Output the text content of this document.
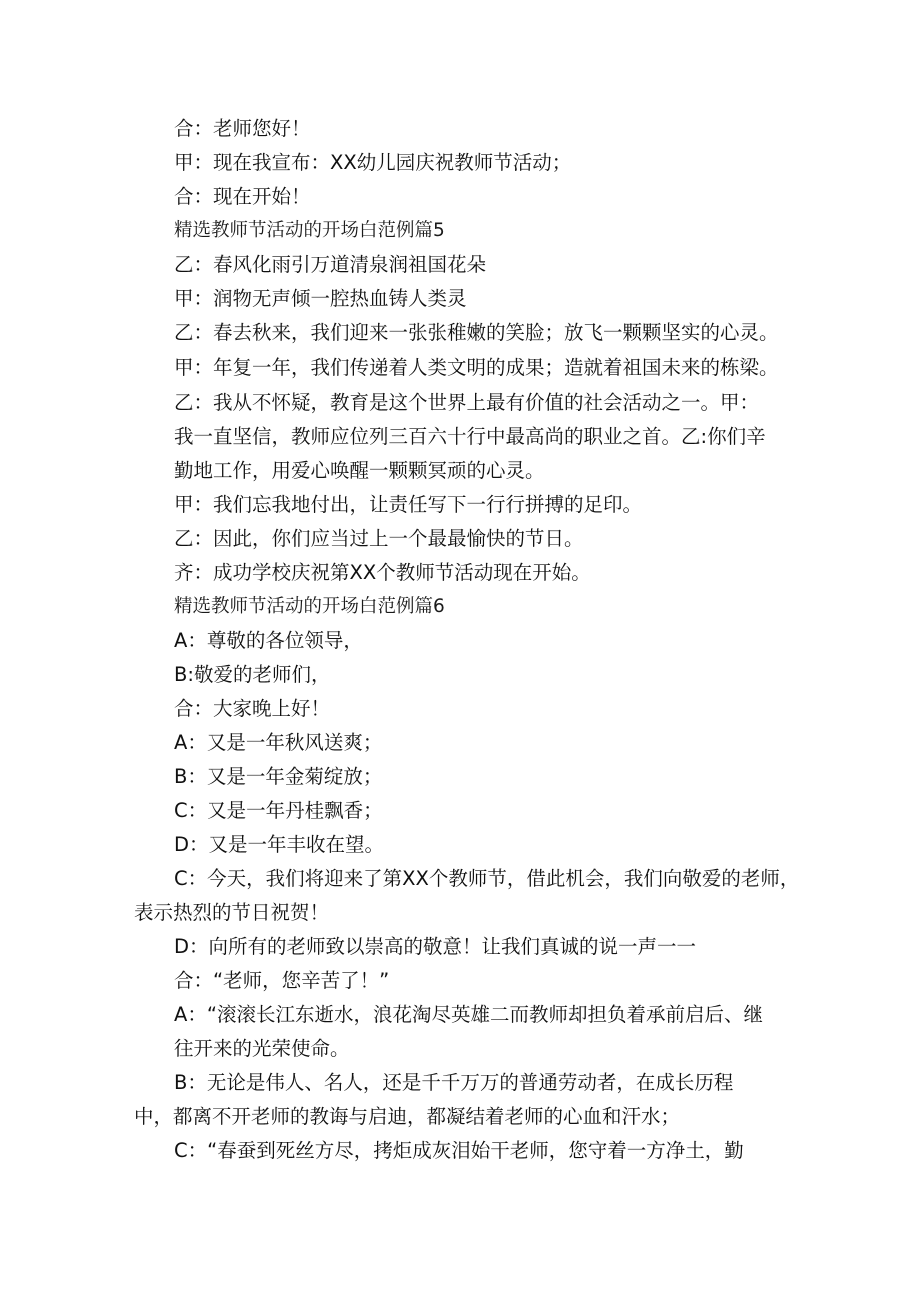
合：老师您好！
甲：现在我宣布：XX幼儿园庆祝教师节活动；
合：现在开始！
精选教师节活动的开场白范例篇5
乙：春风化雨引万道清泉润祖国花朵
甲：润物无声倾一腔热血铸人类灵
乙：春去秋来，我们迎来一张张稚嫩的笑脸；放飞一颗颗坚实的心灵。
甲：年复一年，我们传递着人类文明的成果；造就着祖国未来的栋梁。
乙：我从不怀疑，教育是这个世界上最有价值的社会活动之一。甲：
我一直坚信，教师应位列三百六十行中最高尚的职业之首。乙:你们辛
勤地工作，用爱心唤醒一颗颗冥顽的心灵。
甲：我们忘我地付出，让责任写下一行行拼搏的足印。
乙：因此，你们应当过上一个最最愉快的节日。
齐：成功学校庆祝第XX个教师节活动现在开始。
精选教师节活动的开场白范例篇6
A：尊敬的各位领导，
B:敬爱的老师们，
合：大家晚上好！
A：又是一年秋风送爽；
B：又是一年金菊绽放；
C：又是一年丹桂飘香；
D：又是一年丰收在望。
C：今天，我们将迎来了第XX个教师节，借此机会，我们向敬爱的老师，
表示热烈的节日祝贺！
D：向所有的老师致以崇高的敬意！让我们真诚的说一声一一
合：“老师，您辛苦了！”
A：“滚滚长江东逝水，浪花淘尽英雄二而教师却担负着承前启后、继
往开来的光荣使命。
B：无论是伟人、名人，还是千千万万的普通劳动者，在成长历程
中，都离不开老师的教诲与启迪，都凝结着老师的心血和汗水；
C：“春蚕到死丝方尽，拷炬成灰泪始干老师，您守着一方净土，勤
